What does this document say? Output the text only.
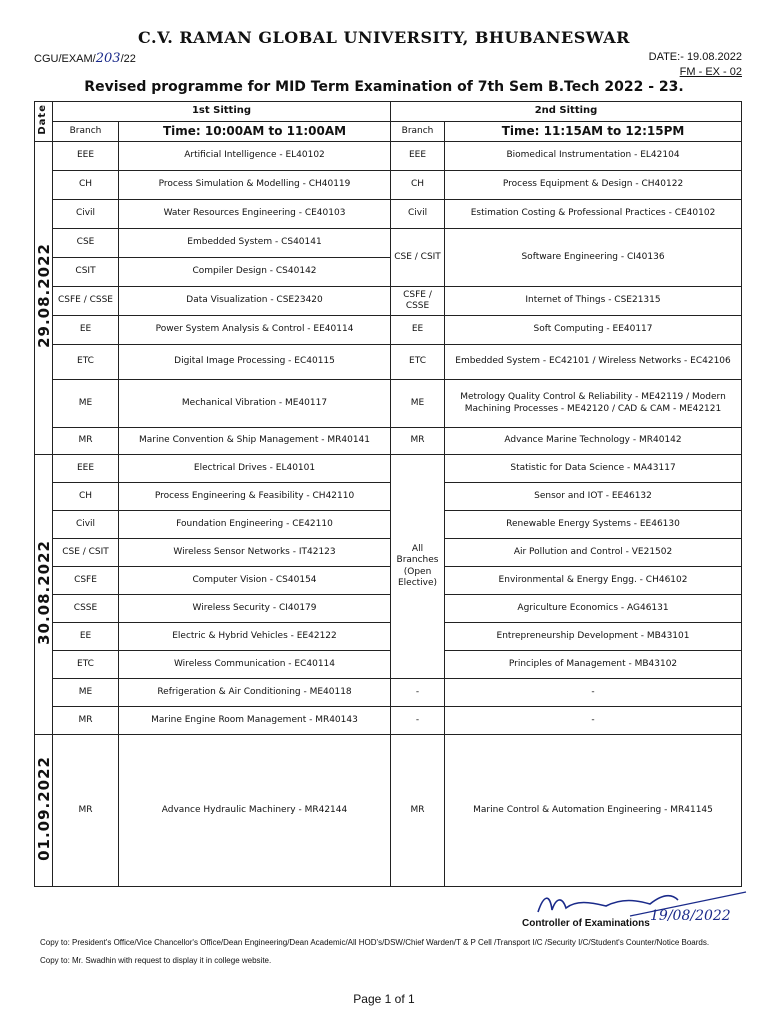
C.V. RAMAN GLOBAL UNIVERSITY, BHUBANESWAR
CGU/EXAM/203/22	DATE:- 19.08.2022
FM - EX - 02
Revised programme for MID Term Examination of 7th Sem B.Tech 2022 - 23.
Date	1st Sitting		2nd Sitting	
	Branch	Time: 10:00AM to 11:00AM	Branch	Time: 11:15AM to 12:15PM
29.08.2022	EEE	Artificial Intelligence - EL40102	EEE	Biomedical Instrumentation - EL42104
	CH	Process Simulation & Modelling - CH40119	CH	Process Equipment & Design - CH40122
	Civil	Water Resources Engineering - CE40103	Civil	Estimation Costing & Professional Practices - CE40102
	CSE	Embedded System - CS40141	CSE / CSIT	Software Engineering - CI40136
	CSIT	Compiler Design - CS40142		
	CSFE / CSSE	Data Visualization - CSE23420	CSFE / CSSE	Internet of Things - CSE21315
	EE	Power System Analysis & Control - EE40114	EE	Soft Computing - EE40117
	ETC	Digital Image Processing - EC40115	ETC	Embedded System - EC42101 / Wireless Networks - EC42106
	ME	Mechanical Vibration - ME40117	ME	Metrology Quality Control & Reliability - ME42119 / Modern Machining Processes - ME42120 / CAD & CAM - ME42121
	MR	Marine Convention & Ship Management - MR40141	MR	Advance Marine Technology - MR40142
30.08.2022	EEE	Electrical Drives - EL40101	All Branches (Open Elective)	Statistic for Data Science - MA43117
	CH	Process Engineering & Feasibility - CH42110		Sensor and IOT - EE46132
	Civil	Foundation Engineering - CE42110		Renewable Energy Systems - EE46130
	CSE / CSIT	Wireless Sensor Networks - IT42123		Air Pollution and Control - VE21502
	CSFE	Computer Vision - CS40154		Environmental & Energy Engg. - CH46102
	CSSE	Wireless Security - CI40179		Agriculture Economics - AG46131
	EE	Electric & Hybrid Vehicles - EE42122		Entrepreneurship Development - MB43101
	ETC	Wireless Communication - EC40114		Principles of Management - MB43102
	ME	Refrigeration & Air Conditioning - ME40118	-	-
	MR	Marine Engine Room Management - MR40143	-	-
01.09.2022	MR	Advance Hydraulic Machinery - MR42144	MR	Marine Control & Automation Engineering - MR41145
19/08/2022
Controller of Examinations
Copy to: President's Office/Vice Chancellor's Office/Dean Engineering/Dean Academic/All HOD's/DSW/Chief Warden/T & P Cell /Transport I/C /Security I/C/Student's Counter/Notice Boards.
Copy to: Mr. Swadhin with request to display it in college website.
Page 1 of 1
